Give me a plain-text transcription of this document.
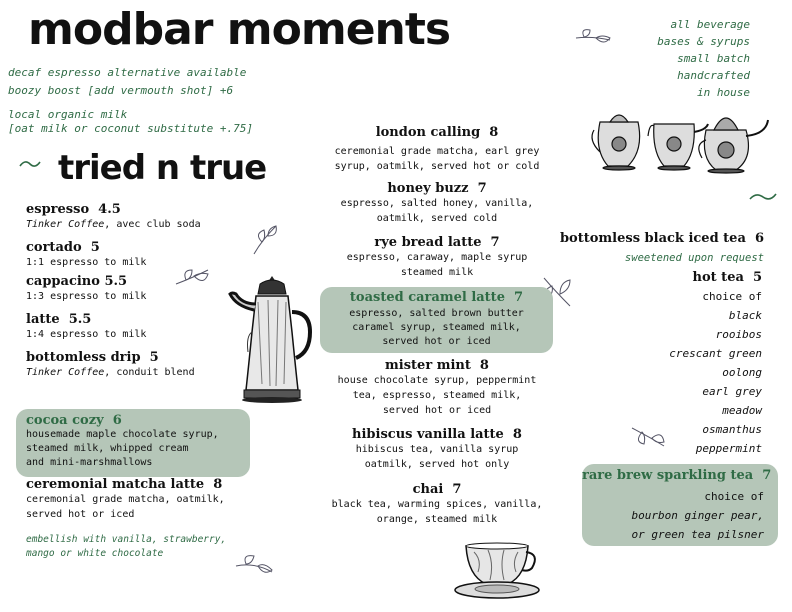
modbar moments
decaf espresso alternative available
boozy boost [add vermouth shot] +6
local organic milk
[oat milk or coconut substitute +.75]
all beverage
bases & syrups
small batch
handcrafted
in house
tried n true
espresso 4.5
Tinker Coffee, avec club soda
cortado 5
1:1 espresso to milk
cappacino 5.5
1:3 espresso to milk
latte 5.5
1:4 espresso to milk
bottomless drip 5
Tinker Coffee, conduit blend
cocoa cozy 6
housemade maple chocolate syrup,
steamed milk, whipped cream
and mini-marshmallows
ceremonial matcha latte 8
ceremonial grade matcha, oatmilk,
served hot or iced
embellish with vanilla, strawberry,
mango or white chocolate
london calling 8
ceremonial grade matcha, earl grey
syrup, oatmilk, served hot or cold
honey buzz 7
espresso, salted honey, vanilla,
oatmilk, served cold
rye bread latte 7
espresso, caraway, maple syrup
steamed milk
toasted caramel latte 7
espresso, salted brown butter
caramel syrup, steamed milk,
served hot or iced
mister mint 8
house chocolate syrup, peppermint
tea, espresso, steamed milk,
served hot or iced
hibiscus vanilla latte 8
hibiscus tea, vanilla syrup
oatmilk, served hot only
chai 7
black tea, warming spices, vanilla,
orange, steamed milk
bottomless black iced tea 6
sweetened upon request
hot tea 5
choice of
black
rooibos
crescant green
oolong
earl grey
meadow
osmanthus
peppermint
rare brew sparkling tea 7
choice of
bourbon ginger pear,
or green tea pilsner
